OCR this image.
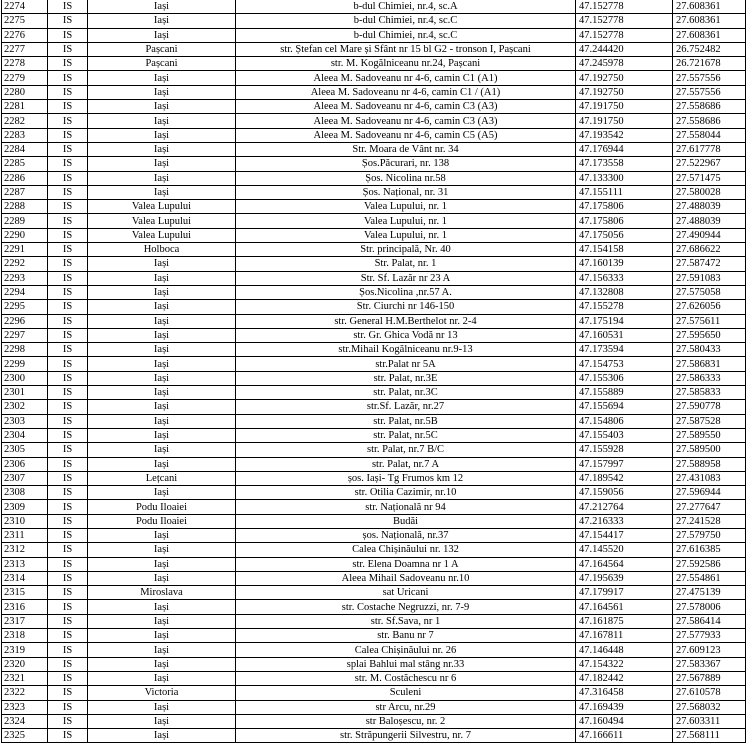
2274	IS	Iași	b-dul Chimiei, nr.4, sc.A	47.152778	27.608361
2275	IS	Iași	b-dul Chimiei, nr.4, sc.C	47.152778	27.608361
2276	IS	Iași	b-dul Chimiei, nr.4, sc.C	47.152778	27.608361
2277	IS	Pașcani	str. Ștefan cel Mare și Sfânt nr 15 bl G2 - tronson I, Pașcani	47.244420	26.752482
2278	IS	Pașcani	str. M. Kogălniceanu nr.24, Pașcani	47.245978	26.721678
2279	IS	Iași	Aleea M. Sadoveanu nr 4-6, camin C1 (A1)	47.192750	27.557556
2280	IS	Iași	Aleea M. Sadoveanu nr 4-6, camin C1 / (A1)	47.192750	27.557556
2281	IS	Iași	Aleea M. Sadoveanu nr 4-6, camin C3 (A3)	47.191750	27.558686
2282	IS	Iași	Aleea M. Sadoveanu nr 4-6, camin C3 (A3)	47.191750	27.558686
2283	IS	Iași	Aleea M. Sadoveanu nr 4-6, camin C5 (A5)	47.193542	27.558044
2284	IS	Iași	Str. Moara de Vânt nr. 34	47.176944	27.617778
2285	IS	Iași	Șos.Păcurari, nr. 138	47.173558	27.522967
2286	IS	Iași	Șos. Nicolina nr.58	47.133300	27.571475
2287	IS	Iași	Șos. Național, nr. 31	47.155111	27.580028
2288	IS	Valea Lupului	Valea Lupului, nr. 1	47.175806	27.488039
2289	IS	Valea Lupului	Valea Lupului, nr. 1	47.175806	27.488039
2290	IS	Valea Lupului	Valea Lupului, nr. 1	47.175056	27.490944
2291	IS	Holboca	Str. principală, Nr. 40	47.154158	27.686622
2292	IS	Iași	Str. Palat, nr. 1	47.160139	27.587472
2293	IS	Iași	Str. Sf. Lazăr nr 23 A	47.156333	27.591083
2294	IS	Iași	Șos.Nicolina ,nr.57 A.	47.132808	27.575058
2295	IS	Iași	Str. Ciurchi nr 146-150	47.155278	27.626056
2296	IS	Iași	str. General H.M.Berthelot nr. 2-4	47.175194	27.575611
2297	IS	Iași	str. Gr. Ghica Vodă nr 13	47.160531	27.595650
2298	IS	Iași	str.Mihail Kogălniceanu nr.9-13	47.173594	27.580433
2299	IS	Iași	str.Palat nr 5A	47.154753	27.586831
2300	IS	Iași	str. Palat, nr.3E	47.155306	27.586333
2301	IS	Iași	str. Palat, nr.3C	47.155889	27.585833
2302	IS	Iași	str.Sf. Lazăr, nr.27	47.155694	27.590778
2303	IS	Iași	str. Palat, nr.5B	47.154806	27.587528
2304	IS	Iași	str. Palat, nr.5C	47.155403	27.589550
2305	IS	Iași	str. Palat, nr.7 B/C	47.155928	27.589500
2306	IS	Iași	str. Palat, nr.7 A	47.157997	27.588958
2307	IS	Lețcani	șos. Iași- Tg Frumos km 12	47.189542	27.431083
2308	IS	Iași	str. Otilia Cazimir, nr.10	47.159056	27.596944
2309	IS	Podu Iloaiei	str. Națională nr 94	47.212764	27.277647
2310	IS	Podu Iloaiei	Budăi	47.216333	27.241528
2311	IS	Iași	șos. Națională, nr.37	47.154417	27.579750
2312	IS	Iași	Calea Chișinăului nr. 132	47.145520	27.616385
2313	IS	Iași	str. Elena Doamna nr 1 A	47.164564	27.592586
2314	IS	Iași	Aleea Mihail Sadoveanu nr.10	47.195639	27.554861
2315	IS	Miroslava	sat Uricani	47.179917	27.475139
2316	IS	Iași	str. Costache Negruzzi, nr. 7-9	47.164561	27.578006
2317	IS	Iași	str. Sf.Sava, nr 1	47.161875	27.586414
2318	IS	Iași	str. Banu nr 7	47.167811	27.577933
2319	IS	Iași	Calea Chișinăului nr. 26	47.146448	27.609123
2320	IS	Iași	splai Bahlui mal stâng nr.33	47.154322	27.583367
2321	IS	Iași	str. M. Costăchescu nr 6	47.182442	27.567889
2322	IS	Victoria	Sculeni	47.316458	27.610578
2323	IS	Iași	str Arcu, nr.29	47.169439	27.568032
2324	IS	Iași	str Baloșescu, nr. 2	47.160494	27.603311
2325	IS	Iași	str. Străpungerii Silvestru, nr. 7	47.166611	27.568111
